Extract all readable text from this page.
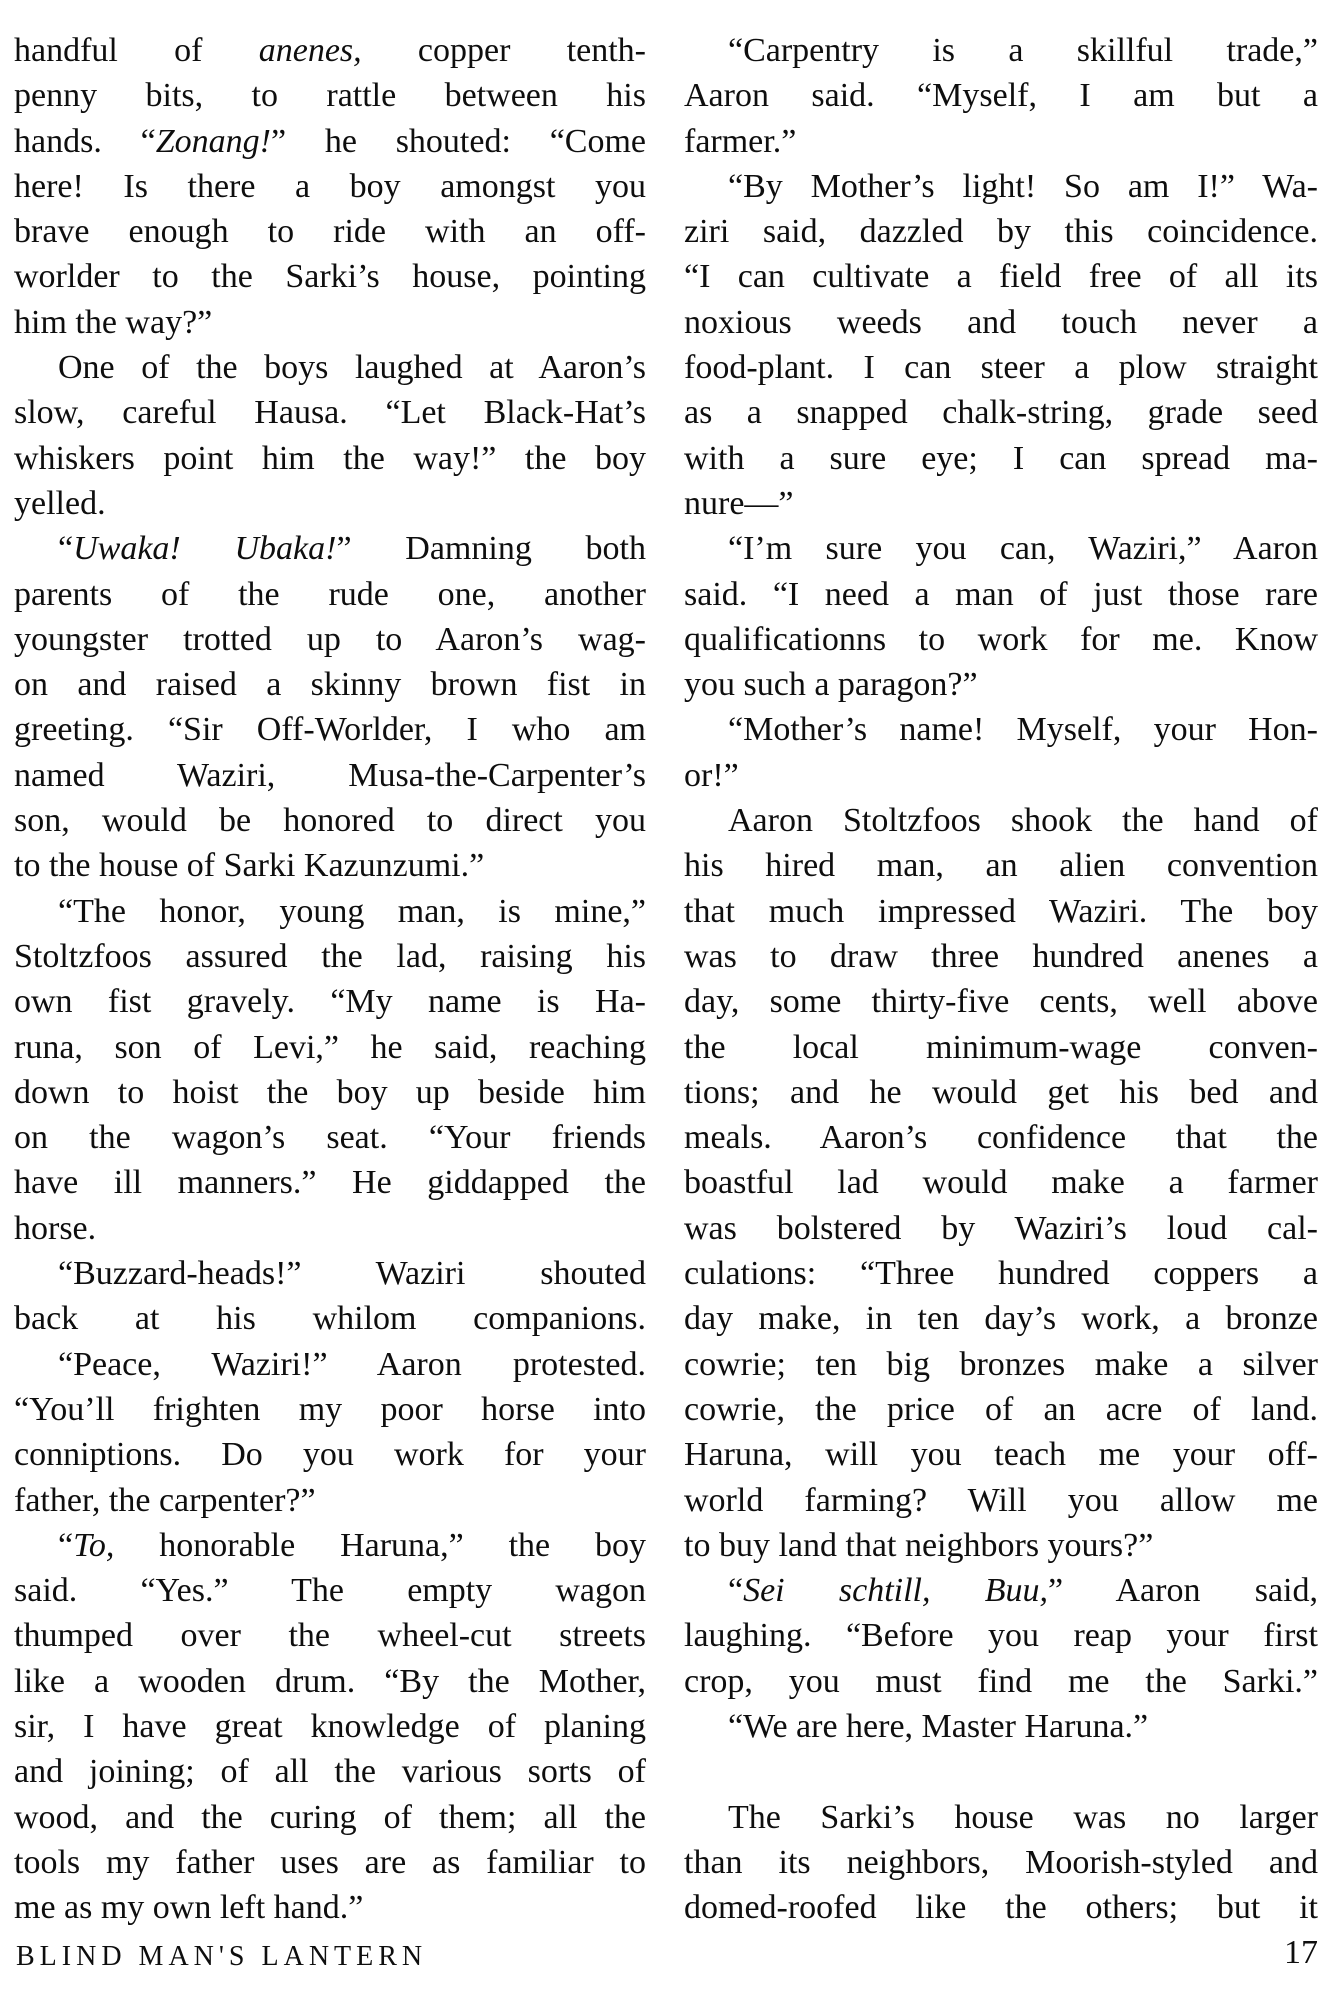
handful of anenes, copper tenth-
penny bits, to rattle between his
hands. “Zonang!” he shouted: “Come
here! Is there a boy amongst you
brave enough to ride with an off-
worlder to the Sarki’s house, pointing
him the way?”
One of the boys laughed at Aaron’s
slow, careful Hausa. “Let Black-Hat’s
whiskers point him the way!” the boy
yelled.
“Uwaka! Ubaka!” Damning both
parents of the rude one, another
youngster trotted up to Aaron’s wag-
on and raised a skinny brown fist in
greeting. “Sir Off-Worlder, I who am
named Waziri, Musa-the-Carpenter’s
son, would be honored to direct you
to the house of Sarki Kazunzumi.”
“The honor, young man, is mine,”
Stoltzfoos assured the lad, raising his
own fist gravely. “My name is Ha-
runa, son of Levi,” he said, reaching
down to hoist the boy up beside him
on the wagon’s seat. “Your friends
have ill manners.” He giddapped the
horse.
“Buzzard-heads!” Waziri shouted
back at his whilom companions.
“Peace, Waziri!” Aaron protested.
“You’ll frighten my poor horse into
conniptions. Do you work for your
father, the carpenter?”
“To, honorable Haruna,” the boy
said. “Yes.” The empty wagon
thumped over the wheel-cut streets
like a wooden drum. “By the Mother,
sir, I have great knowledge of planing
and joining; of all the various sorts of
wood, and the curing of them; all the
tools my father uses are as familiar to
me as my own left hand.”
“Carpentry is a skillful trade,”
Aaron said. “Myself, I am but a
farmer.”
“By Mother’s light! So am I!” Wa-
ziri said, dazzled by this coincidence.
“I can cultivate a field free of all its
noxious weeds and touch never a
food-plant. I can steer a plow straight
as a snapped chalk-string, grade seed
with a sure eye; I can spread ma-
nure—”
“I’m sure you can, Waziri,” Aaron
said. “I need a man of just those rare
qualificationns to work for me. Know
you such a paragon?”
“Mother’s name! Myself, your Hon-
or!”
Aaron Stoltzfoos shook the hand of
his hired man, an alien convention
that much impressed Waziri. The boy
was to draw three hundred anenes a
day, some thirty-five cents, well above
the local minimum-wage conven-
tions; and he would get his bed and
meals. Aaron’s confidence that the
boastful lad would make a farmer
was bolstered by Waziri’s loud cal-
culations: “Three hundred coppers a
day make, in ten day’s work, a bronze
cowrie; ten big bronzes make a silver
cowrie, the price of an acre of land.
Haruna, will you teach me your off-
world farming? Will you allow me
to buy land that neighbors yours?”
“Sei schtill, Buu,” Aaron said,
laughing. “Before you reap your first
crop, you must find me the Sarki.”
“We are here, Master Haruna.”
The Sarki’s house was no larger
than its neighbors, Moorish-styled and
domed-roofed like the others; but it
BLIND MAN'S LANTERN	17
